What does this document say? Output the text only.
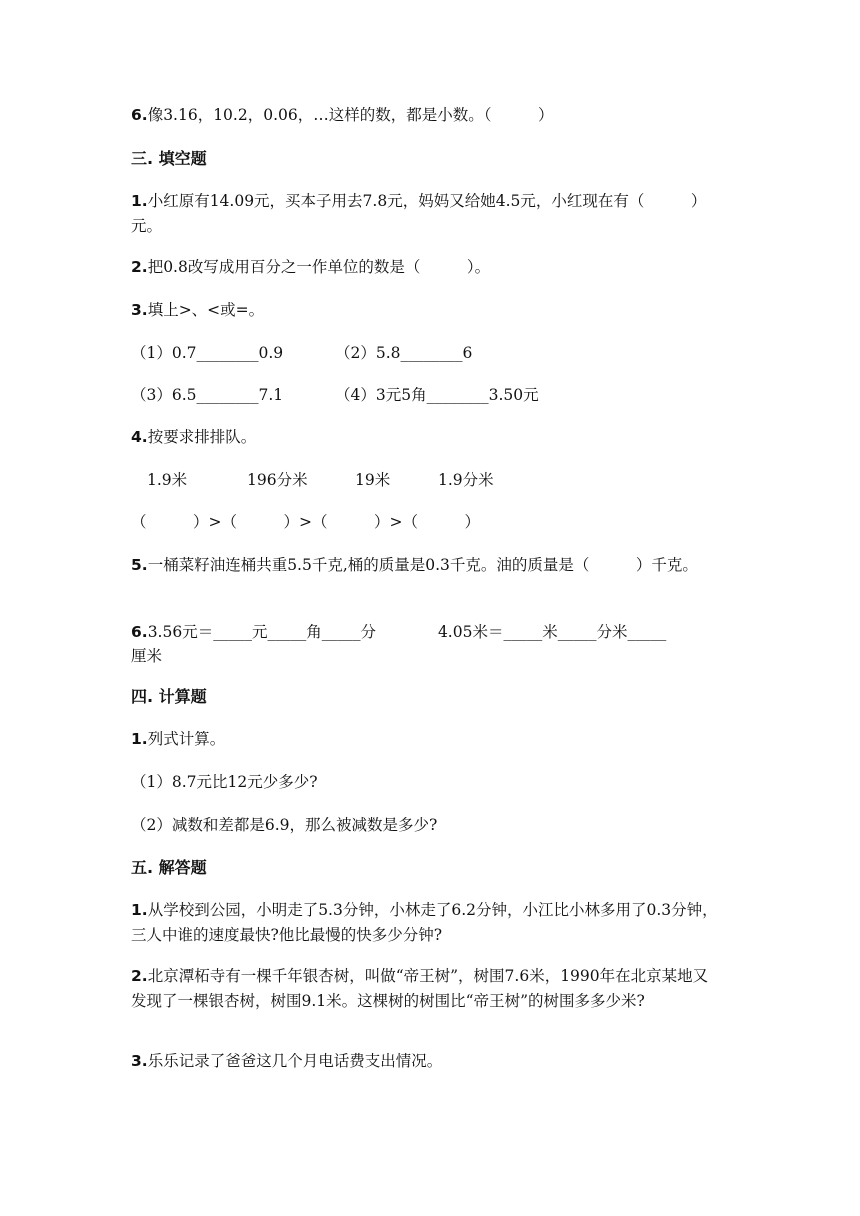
6.像3.16，10.2，0.06，…这样的数，都是小数。（　　　）
三. 填空题
1.小红原有14.09元，买本子用去7.8元，妈妈又给她4.5元，小红现在有（　　　）元。
2.把0.8改写成用百分之一作单位的数是（　　　）。
3.填上>、<或=。
（1）0.7________0.9	（2）5.8________6
（3）6.5________7.1	（4）3元5角________3.50元
4.按要求排排队。
1.9米	196分米	19米	1.9分米
（　　　）>（　　　）>（　　　）>（　　　）
5.一桶菜籽油连桶共重5.5千克,桶的质量是0.3千克。油的质量是（　　　）千克。
6.3.56元＝_____元_____角_____分　　　　4.05米＝_____米_____分米_____
厘米
四. 计算题
1.列式计算。
（1）8.7元比12元少多少?
（2）减数和差都是6.9，那么被减数是多少?
五. 解答题
1.从学校到公园，小明走了5.3分钟，小林走了6.2分钟，小江比小林多用了0.3分钟，三人中谁的速度最快?他比最慢的快多少分钟?
2.北京潭柘寺有一棵千年银杏树，叫做“帝王树”，树围7.6米，1990年在北京某地又发现了一棵银杏树，树围9.1米。这棵树的树围比“帝王树”的树围多多少米?
3.乐乐记录了爸爸这几个月电话费支出情况。
